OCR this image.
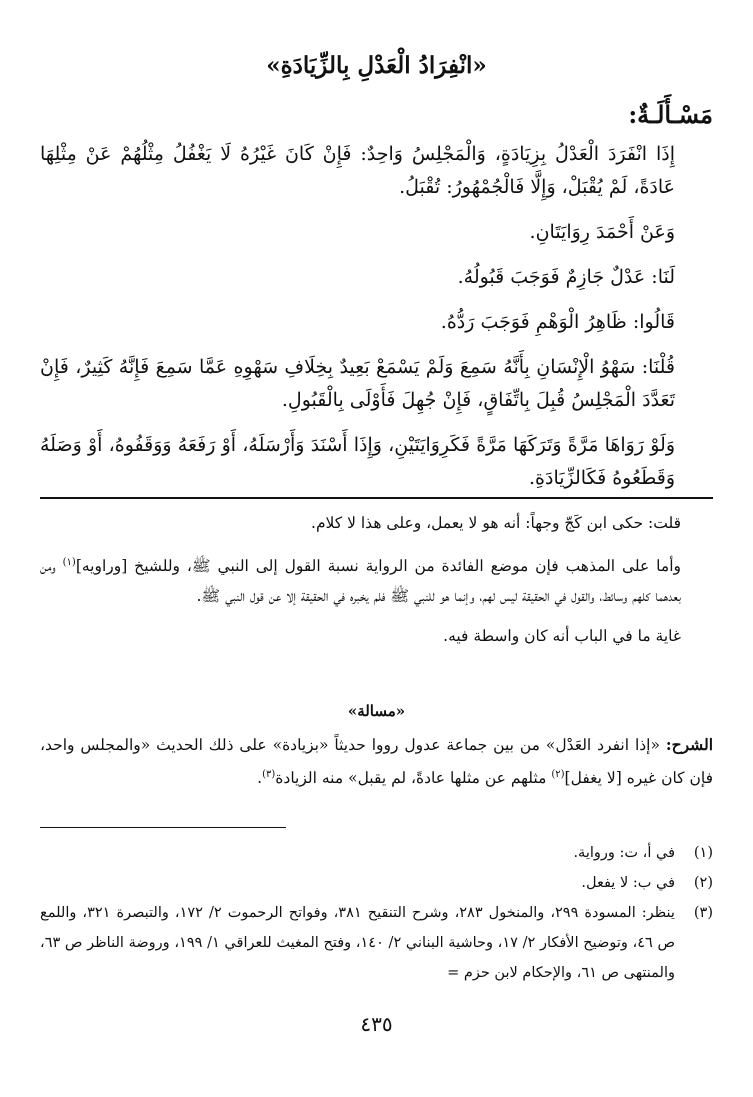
«انْفِرَادُ الْعَدْلِ بِالزِّيَادَةِ»
مَسْـأَلَـةٌ:

إِذَا انْفَرَدَ الْعَدْلُ بِزِيَادَةٍ، وَالْمَجْلِسُ وَاحِدٌ: فَإِنْ كَانَ غَيْرُهُ لَا يَغْفُلُ مِثْلُهُمْ عَنْ مِثْلِهَا عَادَةً، لَمْ يُقْبَلْ، وَإِلَّا فَالْجُمْهُورُ: تُقْبَلُ.

وَعَنْ أَحْمَدَ رِوَايَتَانِ.

لَنَا: عَدْلٌ جَازِمٌ فَوَجَبَ قَبُولُهُ.

قَالُوا: ظَاهِرُ الْوَهْمِ فَوَجَبَ رَدُّهُ.

قُلْنَا: سَهْوُ الْإِنْسَانِ بِأَنَّهُ سَمِعَ وَلَمْ يَسْمَعْ بَعِيدٌ بِخِلَافِ سَهْوِهِ عَمَّا سَمِعَ فَإِنَّهُ كَثِيرٌ، فَإِنْ تَعَدَّدَ الْمَجْلِسُ قُبِلَ بِاتِّفَاقٍ، فَإِنْ جُهِلَ فَأَوْلَى بِالْقَبُولِ.

وَلَوْ رَوَاهَا مَرَّةً وَتَرَكَهَا مَرَّةً فَكَرِوَايَتَيْنِ، وَإِذَا أَسْنَدَ وَأَرْسَلَهُ، أَوْ رَفَعَهُ وَوَقَفُوهُ، أَوْ وَصَلَهُ وَقَطَعُوهُ فَكَالزِّيَادَةِ.

قلت: حكى ابن كَجّ وجهاً: أنه هو لا يعمل، وعلى هذا لا كلام.

وأما على المذهب فإن موضع الفائدة من الرواية نسبة القول إلى النبي ﷺ، وللشيخ [وراويه]$^{(١)}$ ومن بعدهما كلهم وسائط، والقول في الحقيقة ليس لهم، وإنما هو للنبي ﷺ فلم يخبره في الحقيقة إلا عن قول النبي ﷺ.

غاية ما في الباب أنه كان واسطة فيه.

«مسالة»
الشرح: «إذا انفرد العَدْل» من بين جماعة عدول رووا حديثاً «بزيادة» على ذلك الحديث «والمجلس واحد، فإن كان غيره [لا يغفل]$^{(٢)}$ مثلهم عن مثلها عادةً، لم يقبل» منه الزيادة$^{(٣)}$.
(١)
في أ، ت: ورواية.
(٢)
في ب: لا يفعل.
(٣)
ينظر: المسودة ٢٩٩، والمنخول ٢٨٣، وشرح التنقيح ٣٨١، وفواتح الرحموت ٢/ ١٧٢، والتبصرة ٣٢١، واللمع ص ٤٦، وتوضيح الأفكار ٢/ ١٧، وحاشية البناني ٢/ ١٤٠، وفتح المغيث للعراقي ١/ ١٩٩، وروضة الناظر ص ٦٣، والمنتهى ص ٦١، والإحكام لابن حزم =
٤٣٥
